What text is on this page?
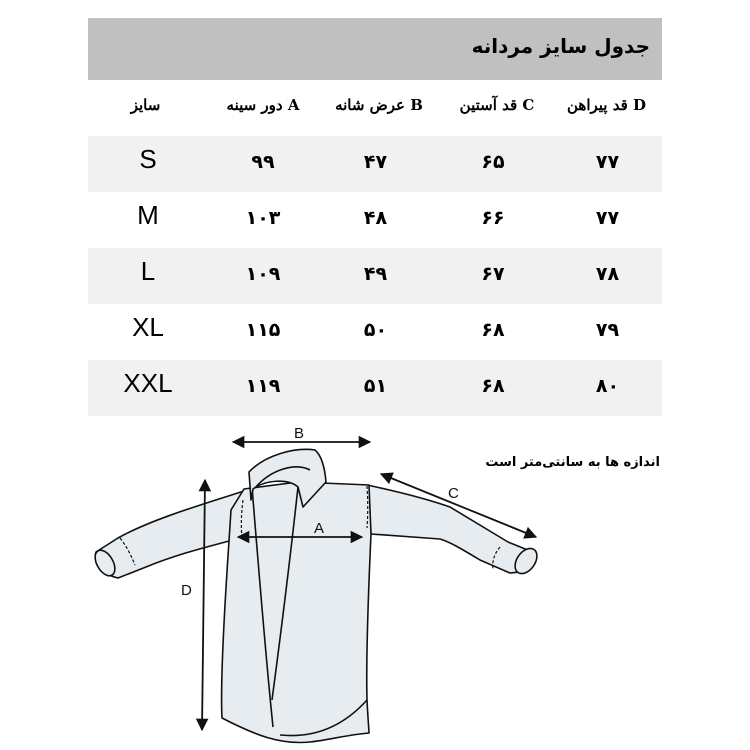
جدول سایز مردانه
سایز	A دور سینه	B عرض شانه	C قد آستین	D قد پیراهن
S	۹۹	۴۷	۶۵	۷۷
M	۱۰۳	۴۸	۶۶	۷۷
L	۱۰۹	۴۹	۶۷	۷۸
XL	۱۱۵	۵۰	۶۸	۷۹
XXL	۱۱۹	۵۱	۶۸	۸۰
اندازه ها به سانتی‌متر است
B
A
C
D
